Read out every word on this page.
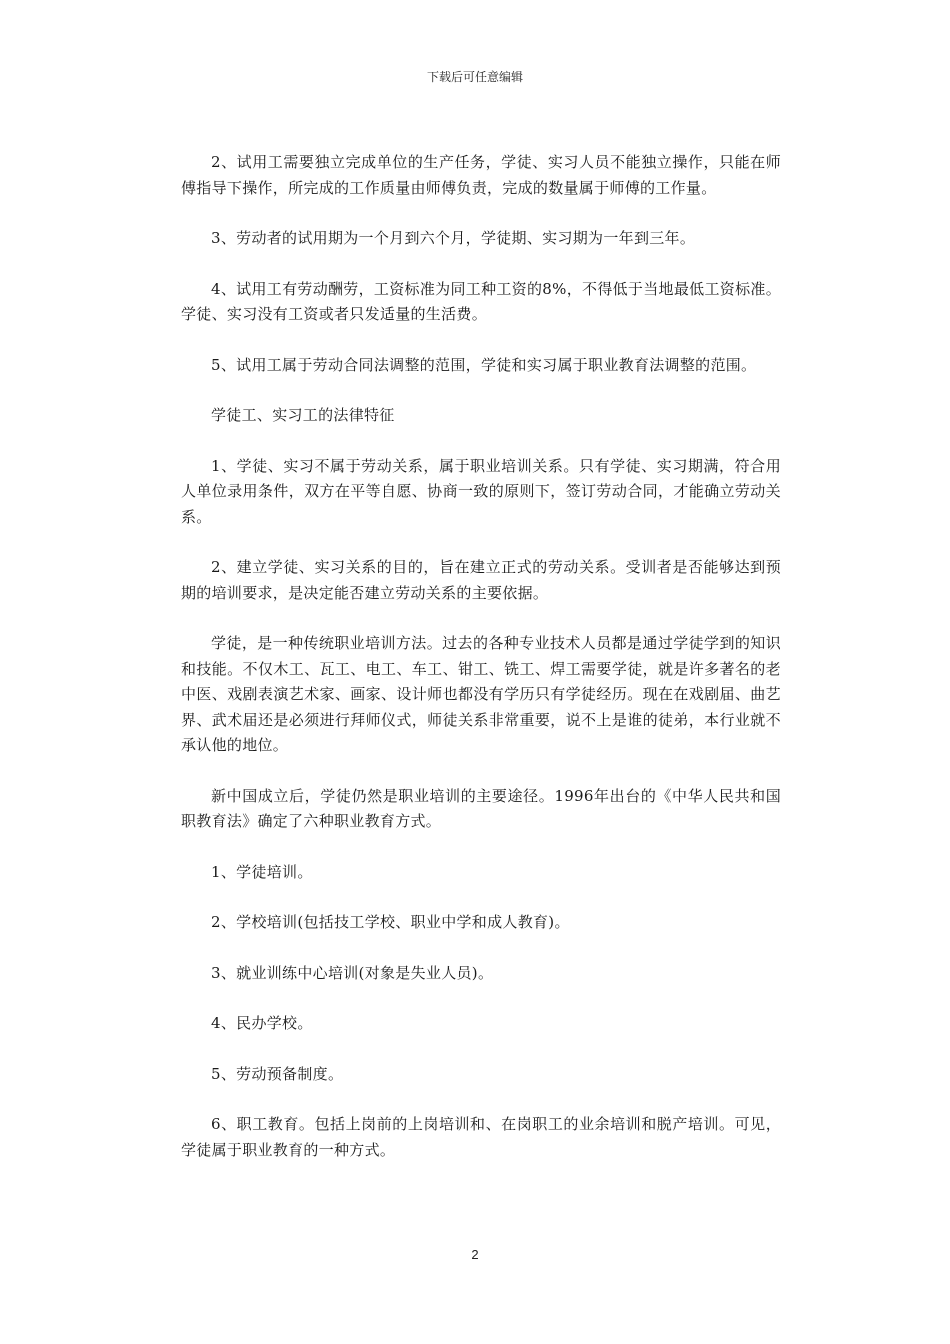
下载后可任意编辑

2、试用工需要独立完成单位的生产任务，学徒、实习人员不能独立操作，只能在师傅指导下操作，所完成的工作质量由师傅负责，完成的数量属于师傅的工作量。

3、劳动者的试用期为一个月到六个月，学徒期、实习期为一年到三年。

4、试用工有劳动酬劳，工资标准为同工种工资的8%，不得低于当地最低工资标准。学徒、实习没有工资或者只发适量的生活费。

5、试用工属于劳动合同法调整的范围，学徒和实习属于职业教育法调整的范围。

学徒工、实习工的法律特征

1、学徒、实习不属于劳动关系，属于职业培训关系。只有学徒、实习期满，符合用人单位录用条件，双方在平等自愿、协商一致的原则下，签订劳动合同，才能确立劳动关系。

2、建立学徒、实习关系的目的，旨在建立正式的劳动关系。受训者是否能够达到预期的培训要求，是决定能否建立劳动关系的主要依据。

学徒，是一种传统职业培训方法。过去的各种专业技术人员都是通过学徒学到的知识和技能。不仅木工、瓦工、电工、车工、钳工、铣工、焊工需要学徒，就是许多著名的老中医、戏剧表演艺术家、画家、设计师也都没有学历只有学徒经历。现在在戏剧届、曲艺界、武术届还是必须进行拜师仪式，师徒关系非常重要，说不上是谁的徒弟，本行业就不承认他的地位。

新中国成立后，学徒仍然是职业培训的主要途径。1996年出台的《中华人民共和国职教育法》确定了六种职业教育方式。

1、学徒培训。

2、学校培训(包括技工学校、职业中学和成人教育)。

3、就业训练中心培训(对象是失业人员)。

4、民办学校。

5、劳动预备制度。

6、职工教育。包括上岗前的上岗培训和、在岗职工的业余培训和脱产培训。可见，学徒属于职业教育的一种方式。

2
